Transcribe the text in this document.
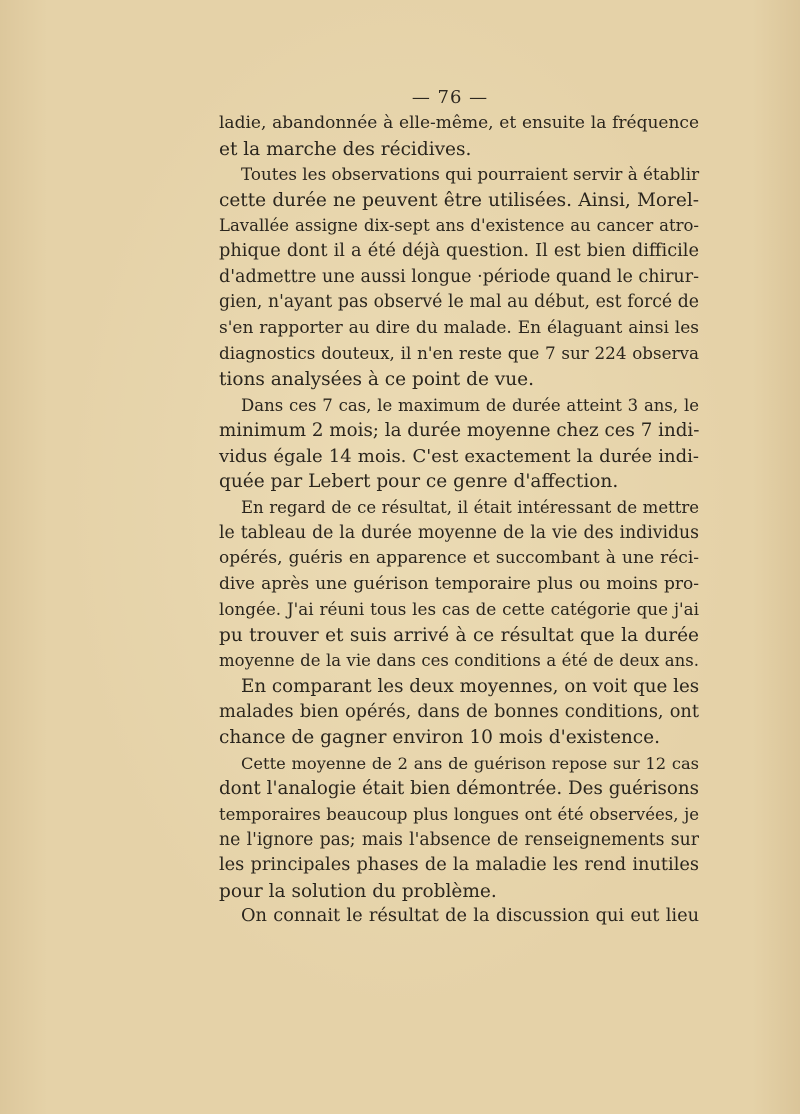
— 76 —
ladie, abandonnée à elle-même, et ensuite la fréquence
et la marche des récidives.
Toutes les observations qui pourraient servir à établir
cette durée ne peuvent être utilisées. Ainsi, Morel-
Lavallée assigne dix-sept ans d'existence au cancer atro-
phique dont il a été déjà question. Il est bien difficile
d'admettre une aussi longue ·période quand le chirur-
gien, n'ayant pas observé le mal au début, est forcé de
s'en rapporter au dire du malade. En élaguant ainsi les
diagnostics douteux, il n'en reste que 7 sur 224 observa
tions analysées à ce point de vue.
Dans ces 7 cas, le maximum de durée atteint 3 ans, le
minimum 2 mois; la durée moyenne chez ces 7 indi-
vidus égale 14 mois. C'est exactement la durée indi-
quée par Lebert pour ce genre d'affection.
En regard de ce résultat, il était intéressant de mettre
le tableau de la durée moyenne de la vie des individus
opérés, guéris en apparence et succombant à une réci-
dive après une guérison temporaire plus ou moins pro-
longée. J'ai réuni tous les cas de cette catégorie que j'ai
pu trouver et suis arrivé à ce résultat que la durée
moyenne de la vie dans ces conditions a été de deux ans.
En comparant les deux moyennes, on voit que les
malades bien opérés, dans de bonnes conditions, ont
chance de gagner environ 10 mois d'existence.
Cette moyenne de 2 ans de guérison repose sur 12 cas
dont l'analogie était bien démontrée. Des guérisons
temporaires beaucoup plus longues ont été observées, je
ne l'ignore pas; mais l'absence de renseignements sur
les principales phases de la maladie les rend inutiles
pour la solution du problème.
On connait le résultat de la discussion qui eut lieu
